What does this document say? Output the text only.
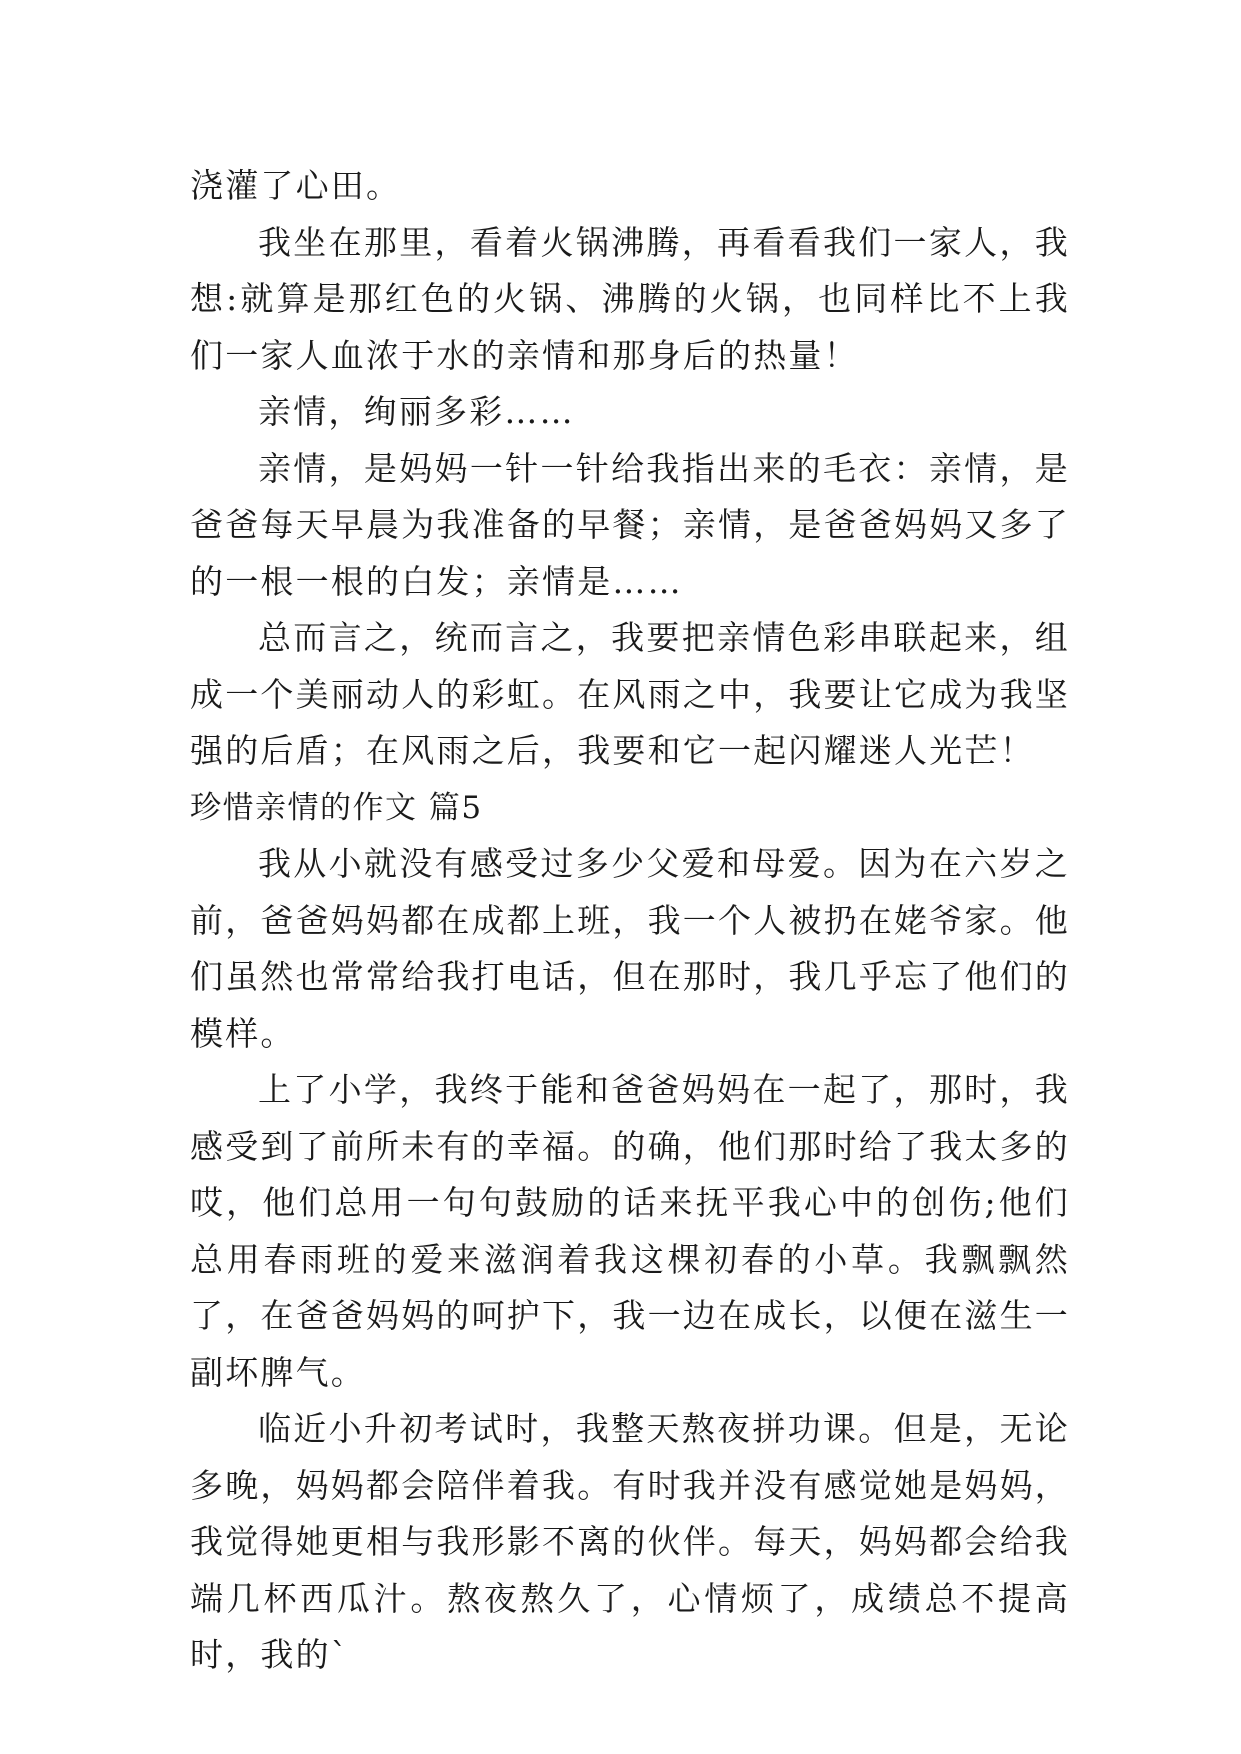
浇灌了心田。

我坐在那里，看着火锅沸腾，再看看我们一家人，我想:就算是那红色的火锅、沸腾的火锅，也同样比不上我们一家人血浓于水的亲情和那身后的热量！

亲情，绚丽多彩……

亲情，是妈妈一针一针给我指出来的毛衣：亲情，是爸爸每天早晨为我准备的早餐；亲情，是爸爸妈妈又多了的一根一根的白发；亲情是……

总而言之，统而言之，我要把亲情色彩串联起来，组成一个美丽动人的彩虹。在风雨之中，我要让它成为我坚强的后盾；在风雨之后，我要和它一起闪耀迷人光芒！

珍惜亲情的作文 篇5

我从小就没有感受过多少父爱和母爱。因为在六岁之前，爸爸妈妈都在成都上班，我一个人被扔在姥爷家。他们虽然也常常给我打电话，但在那时，我几乎忘了他们的模样。

上了小学，我终于能和爸爸妈妈在一起了，那时，我感受到了前所未有的幸福。的确，他们那时给了我太多的哎，他们总用一句句鼓励的话来抚平我心中的创伤;他们总用春雨班的爱来滋润着我这棵初春的小草。我飘飘然了，在爸爸妈妈的呵护下，我一边在成长，以便在滋生一副坏脾气。

临近小升初考试时，我整天熬夜拼功课。但是，无论多晚，妈妈都会陪伴着我。有时我并没有感觉她是妈妈，我觉得她更相与我形影不离的伙伴。每天，妈妈都会给我端几杯西瓜汁。熬夜熬久了，心情烦了，成绩总不提高时，我的`
